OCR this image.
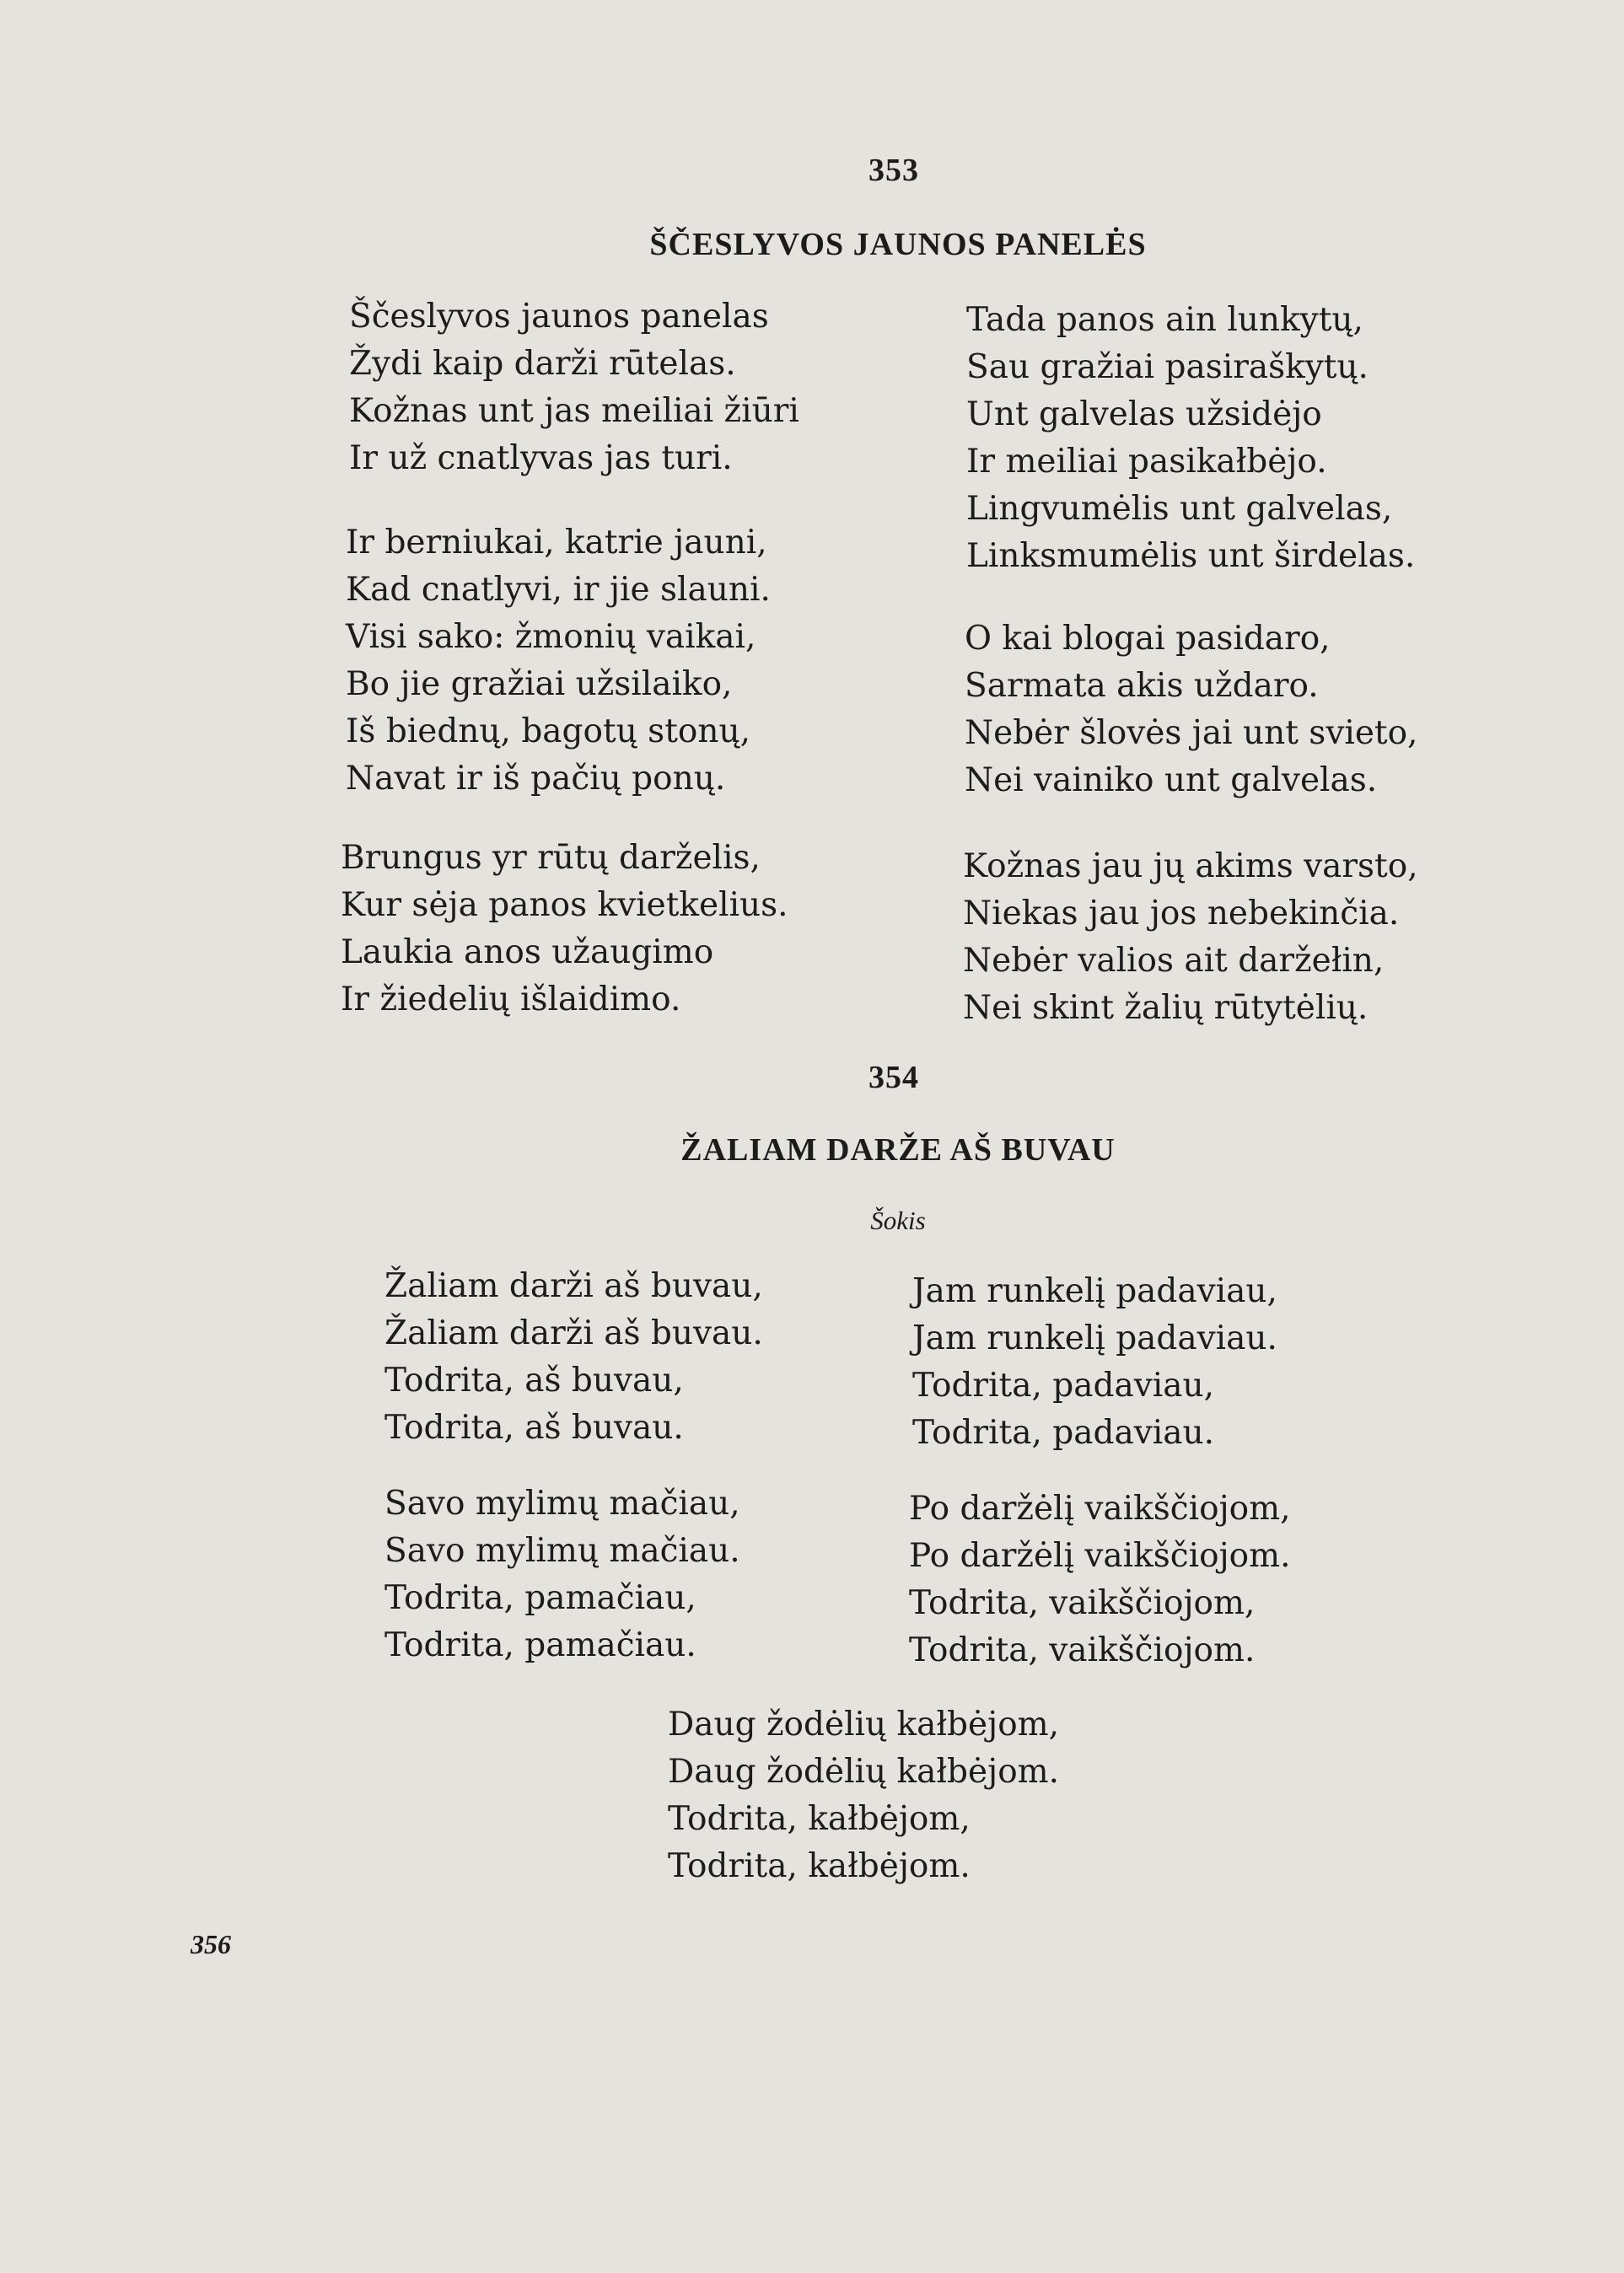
353
ŠČESLYVOS JAUNOS PANELĖS
Ščeslyvos jaunos panelas
Žydi kaip darži rūtelas.
Kožnas unt jas meiliai žiūri
Ir už cnatlyvas jas turi.
Ir berniukai, katrie jauni,
Kad cnatlyvi, ir jie slauni.
Visi sako: žmonių vaikai,
Bo jie gražiai užsilaiko,
Iš biednų, bagotų stonų,
Navat ir iš pačių ponų.
Brungus yr rūtų darželis,
Kur sėja panos kvietkelius.
Laukia anos užaugimo
Ir žiedelių išlaidimo.
Tada panos ain lunkytų,
Sau gražiai pasiraškytų.
Unt galvelas užsidėjo
Ir meiliai pasikałbėjo.
Lingvumėlis unt galvelas,
Linksmumėlis unt širdelas.
O kai blogai pasidaro,
Sarmata akis uždaro.
Nebėr šlovės jai unt svieto,
Nei vainiko unt galvelas.
Kožnas jau jų akims varsto,
Niekas jau jos nebekinčia.
Nebėr valios ait daržełin,
Nei skint žalių rūtytėlių.
354
ŽALIAM DARŽE AŠ BUVAU
Šokis
Žaliam darži aš buvau,
Žaliam darži aš buvau.
Todrita, aš buvau,
Todrita, aš buvau.
Savo mylimų mačiau,
Savo mylimų mačiau.
Todrita, pamačiau,
Todrita, pamačiau.
Jam runkelį padaviau,
Jam runkelį padaviau.
Todrita, padaviau,
Todrita, padaviau.
Po daržėlį vaikščiojom,
Po daržėlį vaikščiojom.
Todrita, vaikščiojom,
Todrita, vaikščiojom.
Daug žodėlių kałbėjom,
Daug žodėlių kałbėjom.
Todrita, kałbėjom,
Todrita, kałbėjom.
356
